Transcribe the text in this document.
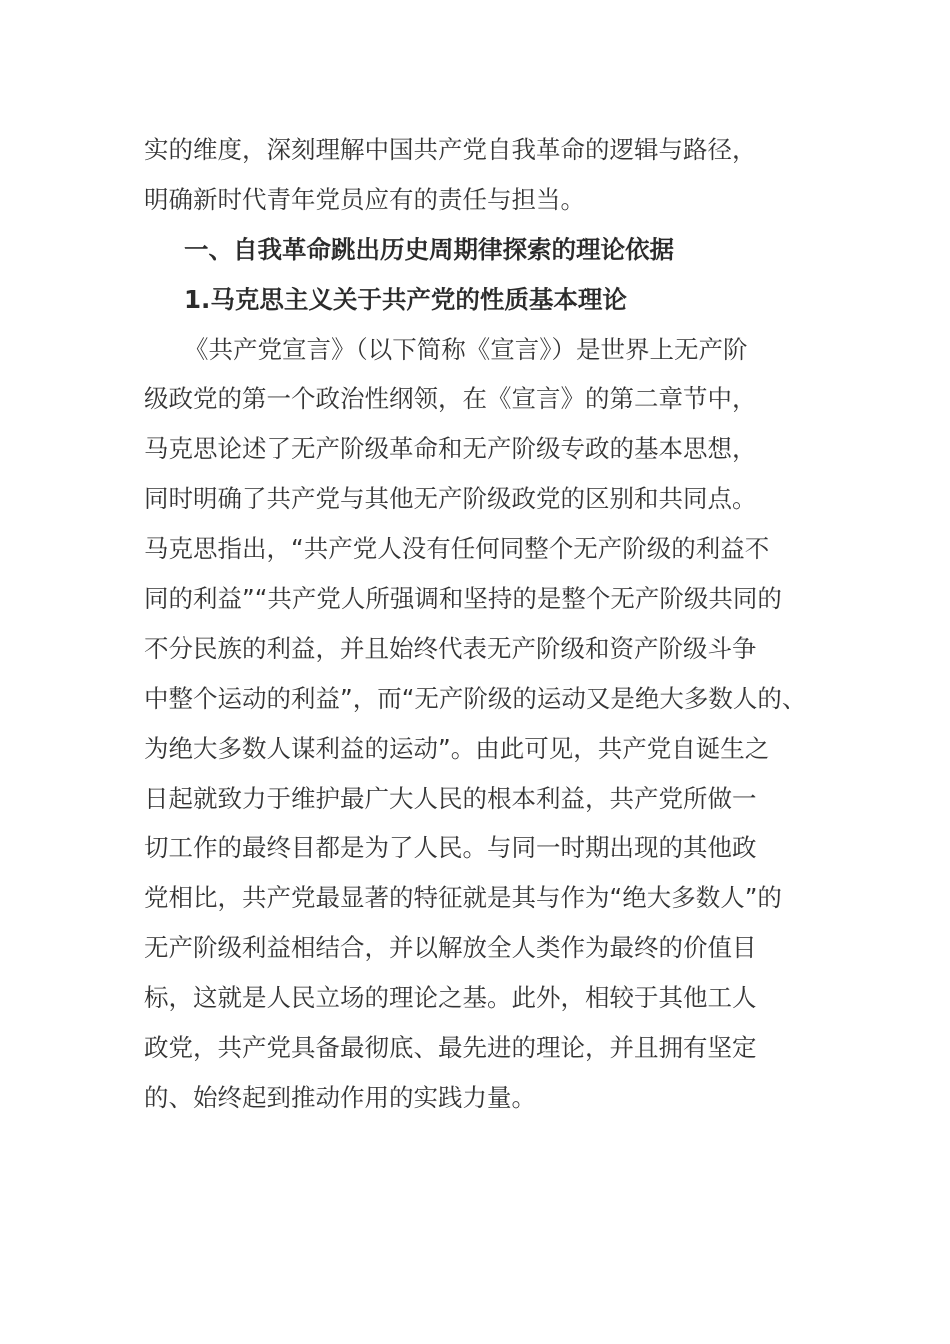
实的维度，深刻理解中国共产党自我革命的逻辑与路径，
明确新时代青年党员应有的责任与担当。
一、自我革命跳出历史周期律探索的理论依据
1.马克思主义关于共产党的性质基本理论
《共产党宣言》（以下简称《宣言》）是世界上无产阶
级政党的第一个政治性纲领，在《宣言》的第二章节中，
马克思论述了无产阶级革命和无产阶级专政的基本思想，
同时明确了共产党与其他无产阶级政党的区别和共同点。
马克思指出，“共产党人没有任何同整个无产阶级的利益不
同的利益”“共产党人所强调和坚持的是整个无产阶级共同的
不分民族的利益，并且始终代表无产阶级和资产阶级斗争
中整个运动的利益”，而“无产阶级的运动又是绝大多数人的、
为绝大多数人谋利益的运动”。由此可见，共产党自诞生之
日起就致力于维护最广大人民的根本利益，共产党所做一
切工作的最终目都是为了人民。与同一时期出现的其他政
党相比，共产党最显著的特征就是其与作为“绝大多数人”的
无产阶级利益相结合，并以解放全人类作为最终的价值目
标，这就是人民立场的理论之基。此外，相较于其他工人
政党，共产党具备最彻底、最先进的理论，并且拥有坚定
的、始终起到推动作用的实践力量。
